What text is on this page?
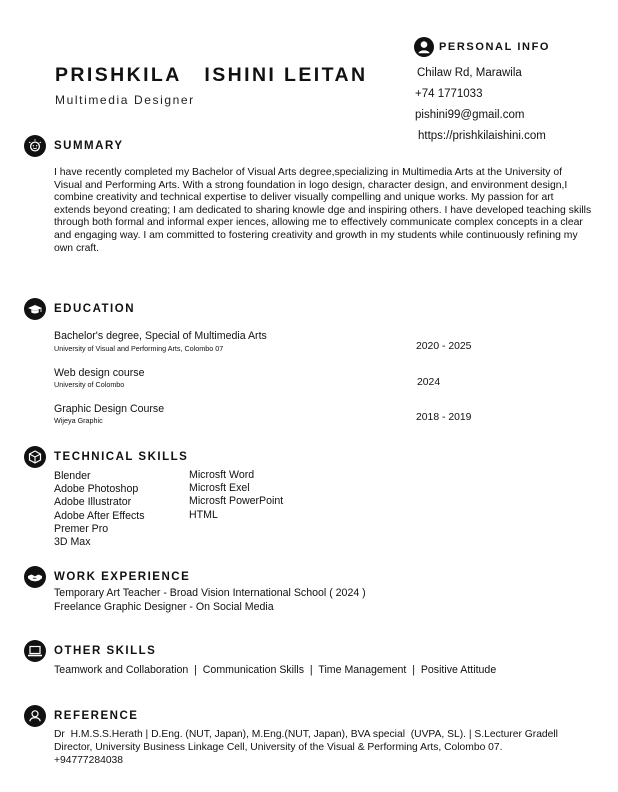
PRISHKILA   ISHINI LEITAN
Multimedia Designer
PERSONAL INFO
Chilaw Rd, Marawila
+74 1771033
pishini99@gmail.com
https://prishkilaishini.com
SUMMARY
I have recently completed my Bachelor of Visual Arts degree,specializing in Multimedia Arts at the University of Visual and Performing Arts. With a strong foundation in logo design, character design, and environment design,I combine creativity and technical expertise to deliver visually compelling and unique works. My passion for art extends beyond creating; I am dedicated to sharing knowle dge and inspiring others. I have developed teaching skills through both formal and informal exper iences, allowing me to effectively communicate complex concepts in a clear and engaging way. I am committed to fostering creativity and growth in my students while continuously refining my own craft.
EDUCATION
Bachelor's degree, Special of Multimedia Arts
University of Visual and Performing Arts, Colombo 07	2020 - 2025
Web design course
University of Colombo	2024
Graphic Design Course
Wijeya Graphic	2018 - 2019
TECHNICAL SKILLS
Blender
Adobe Photoshop
Adobe Illustrator
Adobe After Effects
Premer Pro
3D Max
Microsft Word
Microsft Exel
Microsft PowerPoint
HTML
WORK EXPERIENCE
Temporary Art Teacher - Broad Vision International School ( 2024 )
Freelance Graphic Designer - On Social Media
OTHER SKILLS
Teamwork and Collaboration  |  Communication Skills  |  Time Management  |  Positive Attitude
REFERENCE
Dr  H.M.S.S.Herath | D.Eng. (NUT, Japan), M.Eng.(NUT, Japan), BVA special  (UVPA, SL). | S.Lecturer Gradell
Director, University Business Linkage Cell, University of the Visual & Performing Arts, Colombo 07.
+94777284038
